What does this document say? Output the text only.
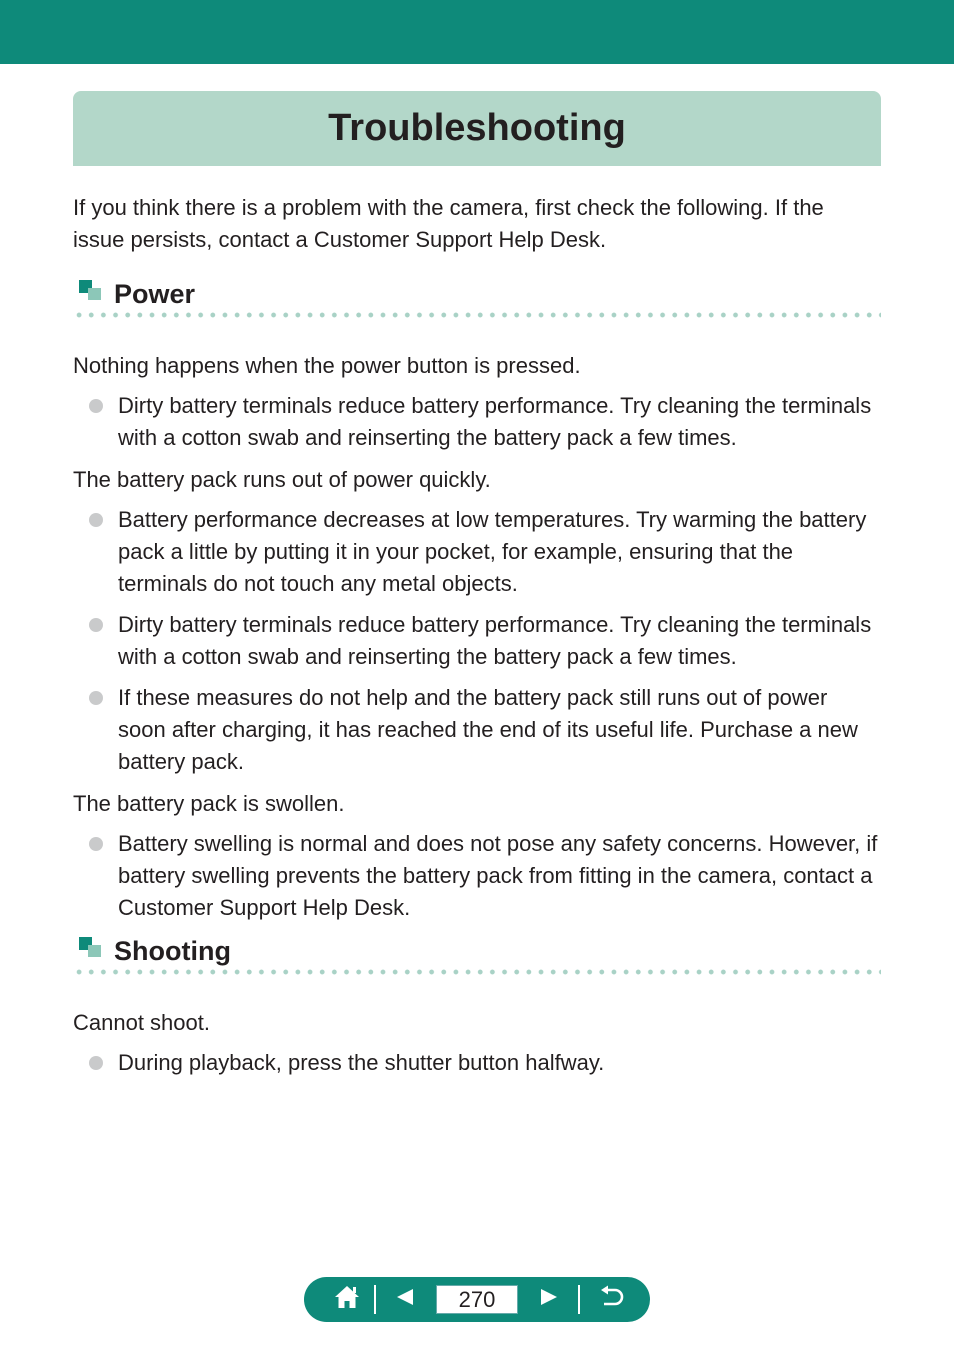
Troubleshooting

If you think there is a problem with the camera, first check the following. If the issue persists, contact a Customer Support Help Desk.

Power

Nothing happens when the power button is pressed.

Dirty battery terminals reduce battery performance. Try cleaning the terminals with a cotton swab and reinserting the battery pack a few times.

The battery pack runs out of power quickly.

Battery performance decreases at low temperatures. Try warming the battery pack a little by putting it in your pocket, for example, ensuring that the terminals do not touch any metal objects.
Dirty battery terminals reduce battery performance. Try cleaning the terminals with a cotton swab and reinserting the battery pack a few times.
If these measures do not help and the battery pack still runs out of power soon after charging, it has reached the end of its useful life. Purchase a new battery pack.

The battery pack is swollen.

Battery swelling is normal and does not pose any safety concerns. However, if battery swelling prevents the battery pack from fitting in the camera, contact a Customer Support Help Desk.
Shooting

Cannot shoot.

During playback, press the shutter button halfway.
270
